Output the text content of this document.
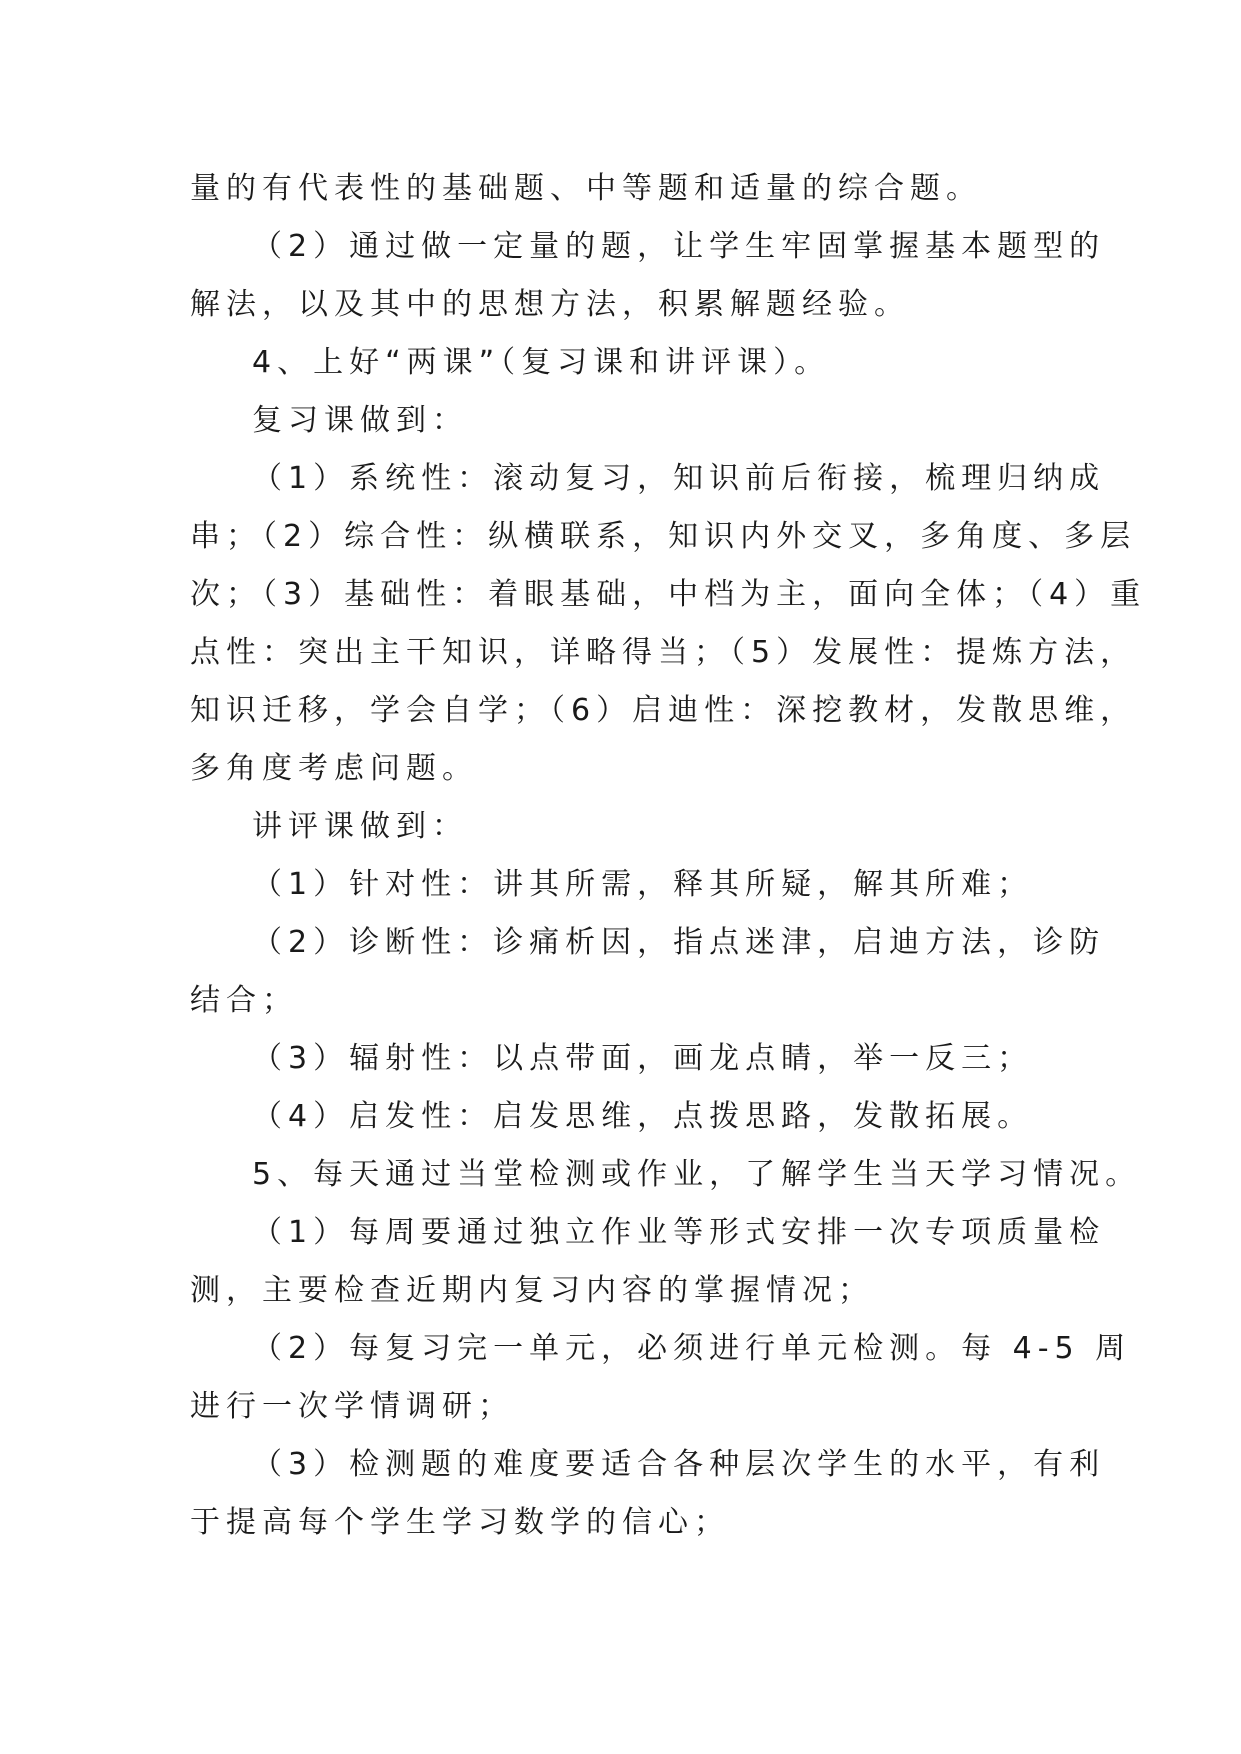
量的有代表性的基础题、中等题和适量的综合题。
（2）通过做一定量的题，让学生牢固掌握基本题型的
解法，以及其中的思想方法，积累解题经验。
4、上好“两课”（复习课和讲评课）。
复习课做到：
（1）系统性：滚动复习，知识前后衔接，梳理归纳成
串；（2）综合性：纵横联系，知识内外交叉，多角度、多层
次；（3）基础性：着眼基础，中档为主，面向全体；（4）重
点性：突出主干知识，详略得当；（5）发展性：提炼方法，
知识迁移，学会自学；（6）启迪性：深挖教材，发散思维，
多角度考虑问题。
讲评课做到：
（1）针对性：讲其所需，释其所疑，解其所难；
（2）诊断性：诊痛析因，指点迷津，启迪方法，诊防
结合；
（3）辐射性：以点带面，画龙点睛，举一反三；
（4）启发性：启发思维，点拨思路，发散拓展。
5、每天通过当堂检测或作业，了解学生当天学习情况。
（1）每周要通过独立作业等形式安排一次专项质量检
测，主要检查近期内复习内容的掌握情况；
（2）每复习完一单元，必须进行单元检测。每 4-5 周
进行一次学情调研；
（3）检测题的难度要适合各种层次学生的水平，有利
于提高每个学生学习数学的信心；
